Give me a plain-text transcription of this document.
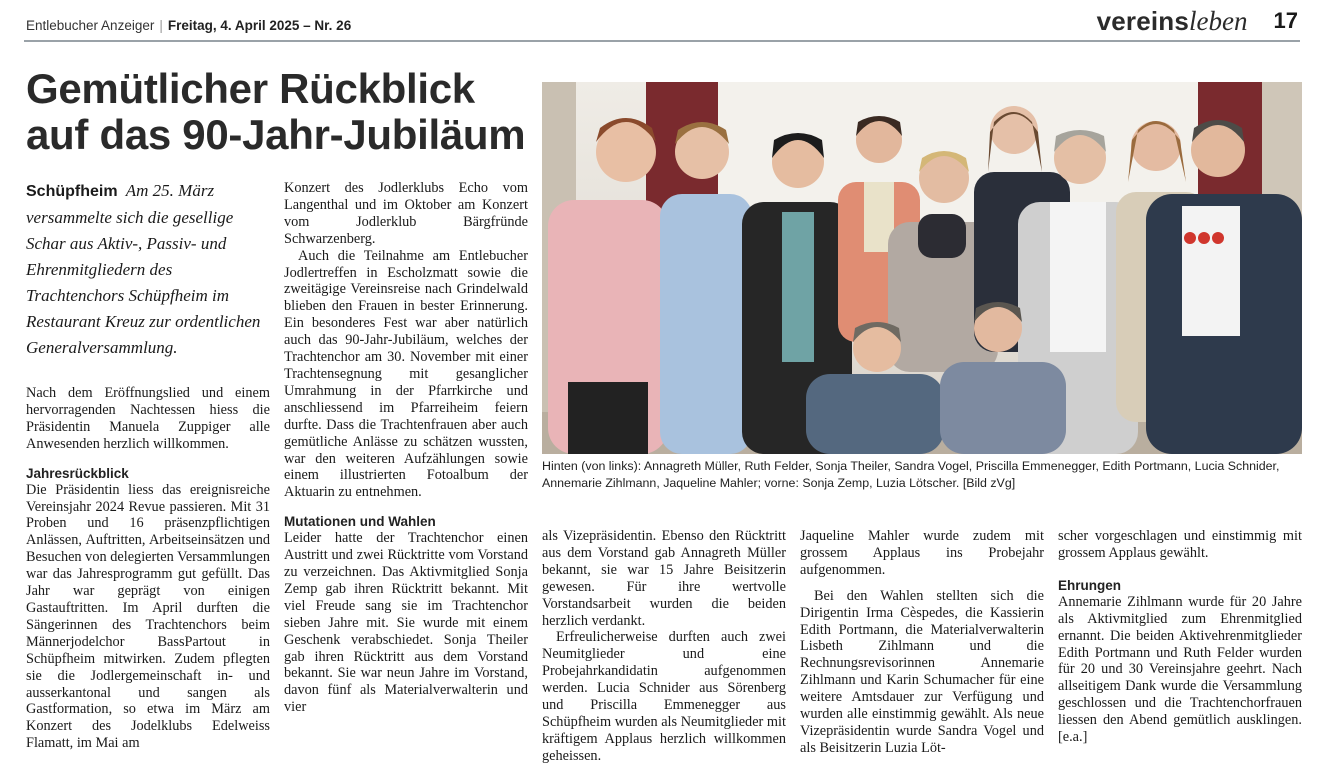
Entlebucher Anzeiger | Freitag, 4. April 2025 – Nr. 26	vereinsleben 17
Gemütlicher Rückblick auf das 90-Jahr-Jubiläum

Schüpfheim Am 25. März versammelte sich die gesellige Schar aus Aktiv-, Passiv- und Ehrenmitgliedern des Trachtenchors Schüpfheim im Restaurant Kreuz zur ordentlichen Generalversammlung.

Nach dem Eröffnungslied und einem hervorragenden Nachtessen hiess die Präsidentin Manuela Zuppiger alle Anwesenden herzlich willkommen.

Jahresrückblick

Die Präsidentin liess das ereignisreiche Vereinsjahr 2024 Revue passieren. Mit 31 Proben und 16 präsenzpflichtigen Anlässen, Auftritten, Arbeitseinsätzen und Besuchen von delegierten Versammlungen war das Jahresprogramm gut gefüllt. Das Jahr war geprägt von einigen Gastauftritten. Im April durften die Sängerinnen des Trachtenchors beim Männerjodelchor BassPartout in Schüpfheim mitwirken. Zudem pflegten sie die Jodlergemeinschaft in- und ausserkantonal und sangen als Gastformation, so etwa im März am Konzert des Jodelklubs Edelweiss Flamatt, im Mai am

Konzert des Jodlerklubs Echo vom Langenthal und im Oktober am Konzert vom Jodlerklub Bärgfründe Schwarzenberg.

Auch die Teilnahme am Entlebucher Jodlertreffen in Escholzmatt sowie die zweitägige Vereinsreise nach Grindelwald blieben den Frauen in bester Erinnerung. Ein besonderes Fest war aber natürlich auch das 90-Jahr-Jubiläum, welches der Trachtenchor am 30. November mit einer Trachtensegnung mit gesanglicher Umrahmung in der Pfarrkirche und anschliessend im Pfarreiheim feiern durfte. Dass die Trachtenfrauen aber auch gemütliche Anlässe zu schätzen wussten, war den weiteren Aufzählungen sowie einem illustrierten Fotoalbum der Aktuarin zu entnehmen.

Mutationen und Wahlen

Leider hatte der Trachtenchor einen Austritt und zwei Rücktritte vom Vorstand zu verzeichnen. Das Aktivmitglied Sonja Zemp gab ihren Rücktritt bekannt. Mit viel Freude sang sie im Trachtenchor sieben Jahre mit. Sie wurde mit einem Geschenk verabschiedet. Sonja Theiler gab ihren Rücktritt aus dem Vorstand bekannt. Sie war neun Jahre im Vorstand, davon fünf als Materialverwalterin und vier

Hinten (von links): Annagreth Müller, Ruth Felder, Sonja Theiler, Sandra Vogel, Priscilla Emmenegger, Edith Portmann, Lucia Schnider, Annemarie Zihlmann, Jaqueline Mahler; vorne: Sonja Zemp, Luzia Lötscher. [Bild zVg]

als Vizepräsidentin. Ebenso den Rücktritt aus dem Vorstand gab Annagreth Müller bekannt, sie war 15 Jahre Beisitzerin gewesen. Für ihre wertvolle Vorstandsarbeit wurden die beiden herzlich verdankt.

Erfreulicherweise durften auch zwei Neumitglieder und eine Probejahrkandidatin aufgenommen werden. Lucia Schnider aus Sörenberg und Priscilla Emmenegger aus Schüpfheim wurden als Neumitglieder mit kräftigem Applaus herzlich willkommen geheissen.

Jaqueline Mahler wurde zudem mit grossem Applaus ins Probejahr aufgenommen.

Bei den Wahlen stellten sich die Dirigentin Irma Cèspedes, die Kassierin Edith Portmann, die Materialverwalterin Lisbeth Zihlmann und die Rechnungsrevisorinnen Annemarie Zihlmann und Karin Schumacher für eine weitere Amtsdauer zur Verfügung und wurden alle einstimmig gewählt. Als neue Vizepräsidentin wurde Sandra Vogel und als Beisitzerin Luzia Löt-

scher vorgeschlagen und einstimmig mit grossem Applaus gewählt.

Ehrungen

Annemarie Zihlmann wurde für 20 Jahre als Aktivmitglied zum Ehrenmitglied ernannt. Die beiden Aktivehrenmitglieder Edith Portmann und Ruth Felder wurden für 20 und 30 Vereinsjahre geehrt. Nach allseitigem Dank wurde die Versammlung geschlossen und die Trachtenchorfrauen liessen den Abend gemütlich ausklingen. [e.a.]
